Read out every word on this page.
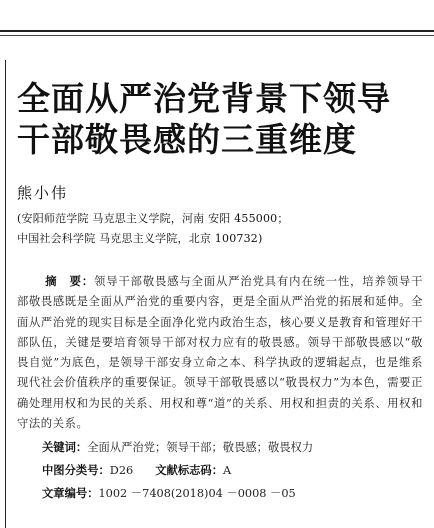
全面从严治党背景下领导
干部敬畏感的三重维度
熊小伟
(安阳师范学院 马克思主义学院，河南 安阳 455000；
中国社会科学院 马克思主义学院，北京 100732)
摘　要：领导干部敬畏感与全面从严治党具有内在统一性，培养领导干部敬畏感既是全面从严治党的重要内容，更是全面从严治党的拓展和延伸。全面从严治党的现实目标是全面净化党内政治生态，核心要义是教育和管理好干部队伍，关键是要培育领导干部对权力应有的敬畏感。领导干部敬畏感以“敬畏自觉”为底色，是领导干部安身立命之本、科学执政的逻辑起点，也是维系现代社会价值秩序的重要保证。领导干部敬畏感以“敬畏权力”为本色，需要正确处理用权和为民的关系、用权和尊“道”的关系、用权和担责的关系、用权和守法的关系。
关键词：全面从严治党；领导干部；敬畏感；敬畏权力
中图分类号：D26 文献标志码：A
文章编号：1002 －7408(2018)04 －0008 －05
